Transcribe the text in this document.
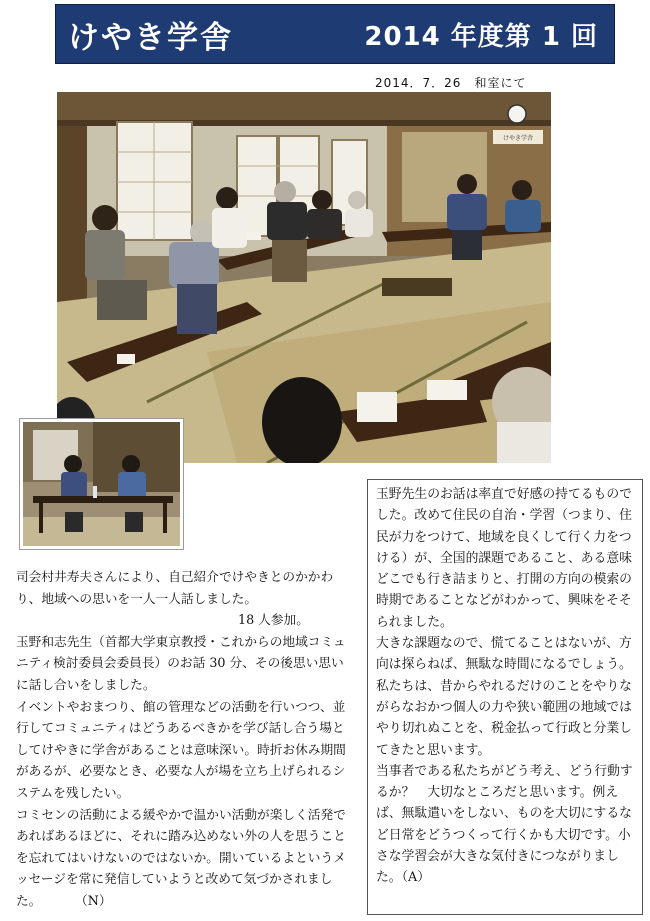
けやき学舎	2014 年度第 1 回
2014．7．26　和室にて
けやき学舎

司会村井寿夫さんにより、自己紹介でけやきとのかかわり、地域への思いを一人一人話しました。

18 人参加。

玉野和志先生（首都大学東京教授・これからの地域コミュニティ検討委員会委員長）のお話 30 分、その後思い思いに話し合いをしました。

イベントやおまつり、館の管理などの活動を行いつつ、並行してコミュニティはどうあるべきかを学び話し合う場としてけやきに学舎があることは意味深い。時折お休み期間があるが、必要なとき、必要な人が場を立ち上げられるシステムを残したい。

コミセンの活動による緩やかで温かい活動が楽しく活発であればあるほどに、それに踏み込めない外の人を思うことを忘れてはいけないのではないか。開いているよというメッセージを常に発信していようと改めて気づかされました。	（N）

玉野先生のお話は率直で好感の持てるものでした。改めて住民の自治・学習（つまり、住民が力をつけて、地域を良くして行く力をつける）が、全国的課題であること、ある意味どこでも行き詰まりと、打開の方向の模索の時期であることなどがわかって、興味をそそられました。

大きな課題なので、慌てることはないが、方向は探らねば、無駄な時間になるでしょう。私たちは、昔からやれるだけのことをやりながらなおかつ個人の力や狭い範囲の地域ではやり切れぬことを、税金払って行政と分業してきたと思います。

当事者である私たちがどう考え、どう行動するか？　大切なところだと思います。例えば、無駄遣いをしない、ものを大切にするなど日常をどうつくって行くかも大切です。小さな学習会が大きな気付きにつながりました。（A）
